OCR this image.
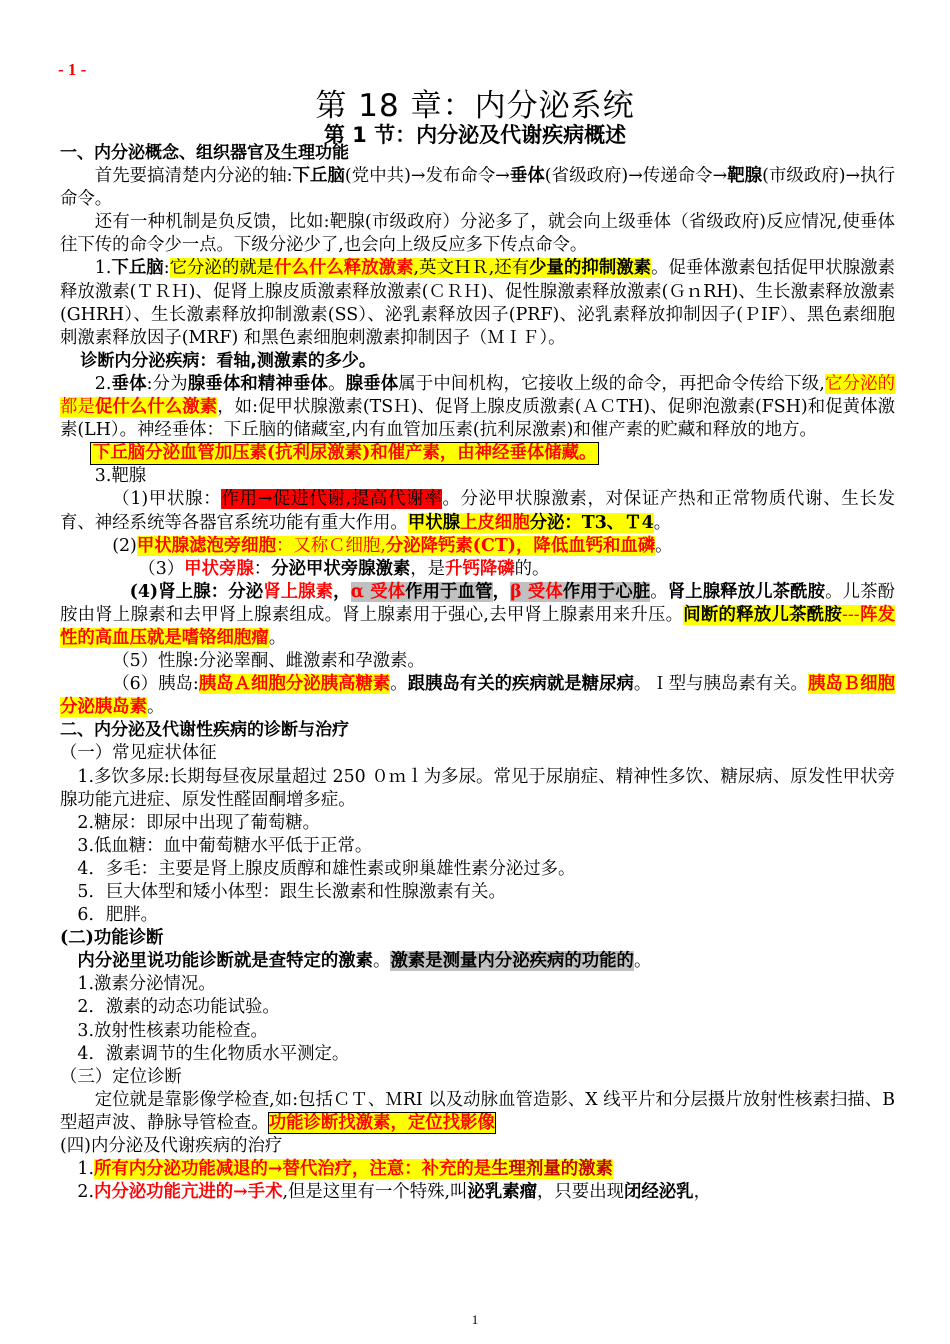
- 1 -
第 18 章：内分泌系统
第 1 节：内分泌及代谢疾病概述

一、内分泌概念、组织器官及生理功能

首先要搞清楚内分泌的轴:下丘脑(党中共)→发布命令→垂体(省级政府)→传递命令→靶腺(市级政府)→执行命令。

还有一种机制是负反馈，比如:靶腺(市级政府）分泌多了，就会向上级垂体（省级政府)反应情况,使垂体往下传的命令少一点。下级分泌少了,也会向上级反应多下传点命令。

1.下丘脑:它分泌的就是什么什么释放激素,英文ＨＲ,还有少量的抑制激素。促垂体激素包括促甲状腺激素释放激素(ＴＲＨ)、促肾上腺皮质激素释放激素(ＣＲＨ)、促性腺激素释放激素(ＧｎRH)、生长激素释放激素(GHRH）、生长激素释放抑制激素(SS）、泌乳素释放因子(PRF)、泌乳素释放抑制因子(ＰIF）、黑色素细胞刺激素释放因子(MRF) 和黑色素细胞刺激素抑制因子（ＭＩＦ）。

诊断内分泌疾病：看轴,测激素的多少。

2.垂体:分为腺垂体和精神垂体。腺垂体属于中间机构，它接收上级的命令，再把命令传给下级,它分泌的都是促什么什么激素，如:促甲状腺激素(TSＨ)、促肾上腺皮质激素(ＡＣTH)、促卵泡激素(FSH)和促黄体激素(LH）。神经垂体：下丘脑的储藏室,内有血管加压素(抗利尿激素)和催产素的贮藏和释放的地方。

下丘脑分泌血管加压素(抗利尿激素)和催产素，由神经垂体储藏。

3.靶腺

（1)甲状腺：作用→促进代谢,提高代谢率。分泌甲状腺激素，对保证产热和正常物质代谢、生长发育、神经系统等各器官系统功能有重大作用。甲状腺上皮细胞分泌：T3、Ｔ4。

(2)甲状腺滤泡旁细胞：又称Ｃ细胞,分泌降钙素(CT)，降低血钙和血磷。

（3）甲状旁腺：分泌甲状旁腺激素，是升钙降磷的。

(4)肾上腺：分泌肾上腺素，α 受体作用于血管，β 受体作用于心脏。肾上腺释放儿茶酰胺。儿茶酚胺由肾上腺素和去甲肾上腺素组成。肾上腺素用于强心,去甲肾上腺素用来升压。间断的释放儿茶酰胺---阵发性的高血压就是嗜铬细胞瘤。

（5）性腺:分泌睾酮、雌激素和孕激素。

（6）胰岛:胰岛Ａ细胞分泌胰高糖素。跟胰岛有关的疾病就是糖尿病。Ｉ型与胰岛素有关。胰岛Ｂ细胞分泌胰岛素。

二、内分泌及代谢性疾病的诊断与治疗

（一）常见症状体征

1.多饮多尿:长期每昼夜尿量超过 250 ０ｍｌ为多尿。常见于尿崩症、精神性多饮、糖尿病、原发性甲状旁腺功能亢进症、原发性醛固酮增多症。

2.糖尿：即尿中出现了葡萄糖。

3.低血糖：血中葡萄糖水平低于正常。

4．多毛：主要是肾上腺皮质醇和雄性素或卵巢雄性素分泌过多。

5．巨大体型和矮小体型：跟生长激素和性腺激素有关。

6．肥胖。

(二)功能诊断

内分泌里说功能诊断就是查特定的激素。激素是测量内分泌疾病的功能的。

1.激素分泌情况。

2．激素的动态功能试验。

3.放射性核素功能检查。

4．激素调节的生化物质水平测定。

（三）定位诊断

定位就是靠影像学检查,如:包括ＣＴ、ＭRI 以及动脉血管造影、X 线平片和分层摄片放射性核素扫描、B 型超声波、静脉导管检查。功能诊断找激素，定位找影像

(四)内分泌及代谢疾病的治疗

1.所有内分泌功能减退的→替代治疗，注意：补充的是生理剂量的激素

2.内分泌功能亢进的→手术,但是这里有一个特殊,叫泌乳素瘤，只要出现闭经泌乳，

1
